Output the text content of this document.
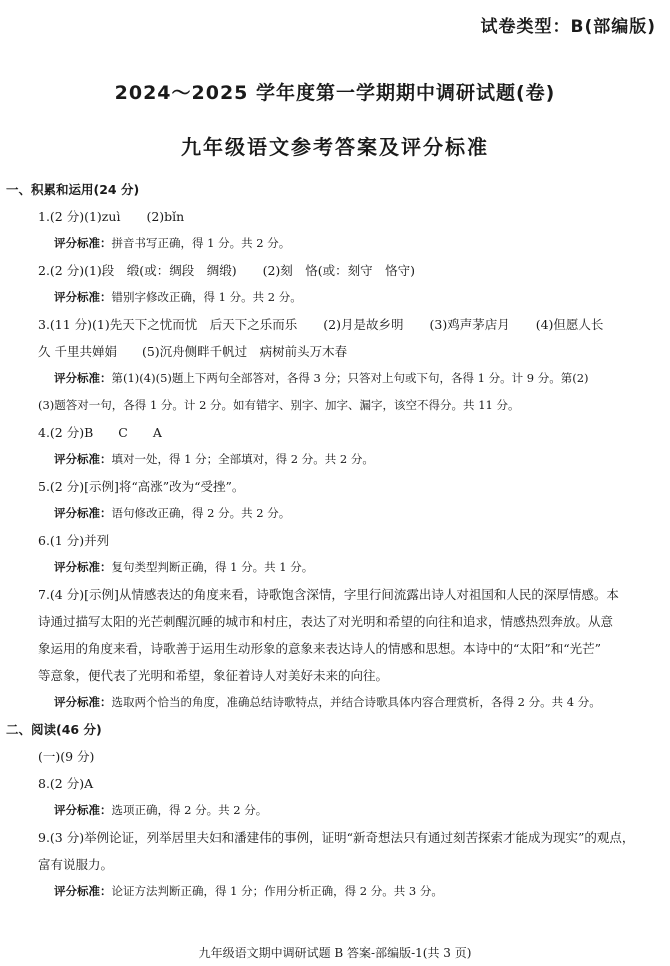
试卷类型：B(部编版)
2024～2025 学年度第一学期期中调研试题(卷)
九年级语文参考答案及评分标准
一、积累和运用(24 分)
1.(2 分)(1)zuì (2)bǐn
评分标准：拼音书写正确，得 1 分。共 2 分。
2.(2 分)(1)段　缎(或：绸段　绸缎) (2)刻　恪(或：刻守　恪守)
评分标准：错别字修改正确，得 1 分。共 2 分。
3.(11 分)(1)先天下之忧而忧　后天下之乐而乐 (2)月是故乡明 (3)鸡声茅店月 (4)但愿人长
久 千里共婵娟　　(5)沉舟侧畔千帆过　病树前头万木春
评分标准：第(1)(4)(5)题上下两句全部答对，各得 3 分；只答对上句或下句，各得 1 分。计 9 分。第(2)
(3)题答对一句，各得 1 分。计 2 分。如有错字、别字、加字、漏字，该空不得分。共 11 分。
4.(2 分)B　　C　　A
评分标准：填对一处，得 1 分；全部填对，得 2 分。共 2 分。
5.(2 分)[示例]将“高涨”改为“受挫”。
评分标准：语句修改正确，得 2 分。共 2 分。
6.(1 分)并列
评分标准：复句类型判断正确，得 1 分。共 1 分。
7.(4 分)[示例]从情感表达的角度来看，诗歌饱含深情，字里行间流露出诗人对祖国和人民的深厚情感。本
诗通过描写太阳的光芒刺醒沉睡的城市和村庄，表达了对光明和希望的向往和追求，情感热烈奔放。从意
象运用的角度来看，诗歌善于运用生动形象的意象来表达诗人的情感和思想。本诗中的“太阳”和“光芒”
等意象，便代表了光明和希望，象征着诗人对美好未来的向往。
评分标准：选取两个恰当的角度，准确总结诗歌特点，并结合诗歌具体内容合理赏析，各得 2 分。共 4 分。
二、阅读(46 分)
(一)(9 分)
8.(2 分)A
评分标准：选项正确，得 2 分。共 2 分。
9.(3 分)举例论证，列举居里夫妇和潘建伟的事例，证明“新奇想法只有通过刻苦探索才能成为现实”的观点，
富有说服力。
评分标准：论证方法判断正确，得 1 分；作用分析正确，得 2 分。共 3 分。
九年级语文期中调研试题 B 答案-部编版-1(共 3 页)
